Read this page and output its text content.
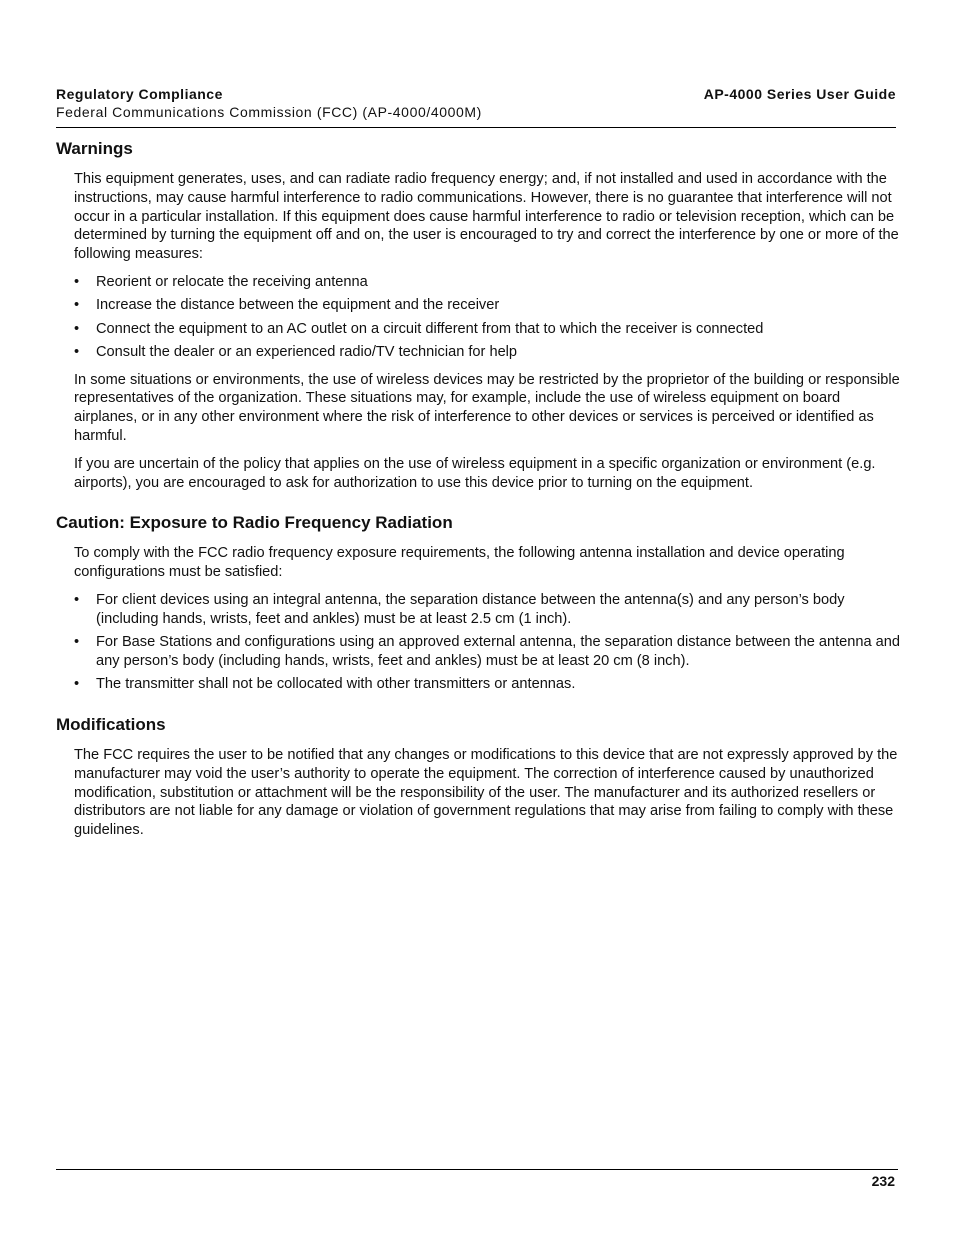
Regulatory Compliance	AP-4000 Series User Guide
Federal Communications Commission (FCC) (AP-4000/4000M)
Warnings

This equipment generates, uses, and can radiate radio frequency energy; and, if not installed and used in accordance with the instructions, may cause harmful interference to radio communications. However, there is no guarantee that interference will not occur in a particular installation. If this equipment does cause harmful interference to radio or television reception, which can be determined by turning the equipment off and on, the user is encouraged to try and correct the interference by one or more of the following measures:

• Reorient or relocate the receiving antenna
• Increase the distance between the equipment and the receiver
• Connect the equipment to an AC outlet on a circuit different from that to which the receiver is connected
• Consult the dealer or an experienced radio/TV technician for help

In some situations or environments, the use of wireless devices may be restricted by the proprietor of the building or responsible representatives of the organization. These situations may, for example, include the use of wireless equipment on board airplanes, or in any other environment where the risk of interference to other devices or services is perceived or identified as harmful.

If you are uncertain of the policy that applies on the use of wireless equipment in a specific organization or environment (e.g. airports), you are encouraged to ask for authorization to use this device prior to turning on the equipment.

Caution: Exposure to Radio Frequency Radiation

To comply with the FCC radio frequency exposure requirements, the following antenna installation and device operating configurations must be satisfied:

• For client devices using an integral antenna, the separation distance between the antenna(s) and any person’s body (including hands, wrists, feet and ankles) must be at least 2.5 cm (1 inch).
• For Base Stations and configurations using an approved external antenna, the separation distance between the antenna and any person’s body (including hands, wrists, feet and ankles) must be at least 20 cm (8 inch).
• The transmitter shall not be collocated with other transmitters or antennas.
Modifications

The FCC requires the user to be notified that any changes or modifications to this device that are not expressly approved by the manufacturer may void the user’s authority to operate the equipment. The correction of interference caused by unauthorized modification, substitution or attachment will be the responsibility of the user. The manufacturer and its authorized resellers or distributors are not liable for any damage or violation of government regulations that may arise from failing to comply with these guidelines.

232
